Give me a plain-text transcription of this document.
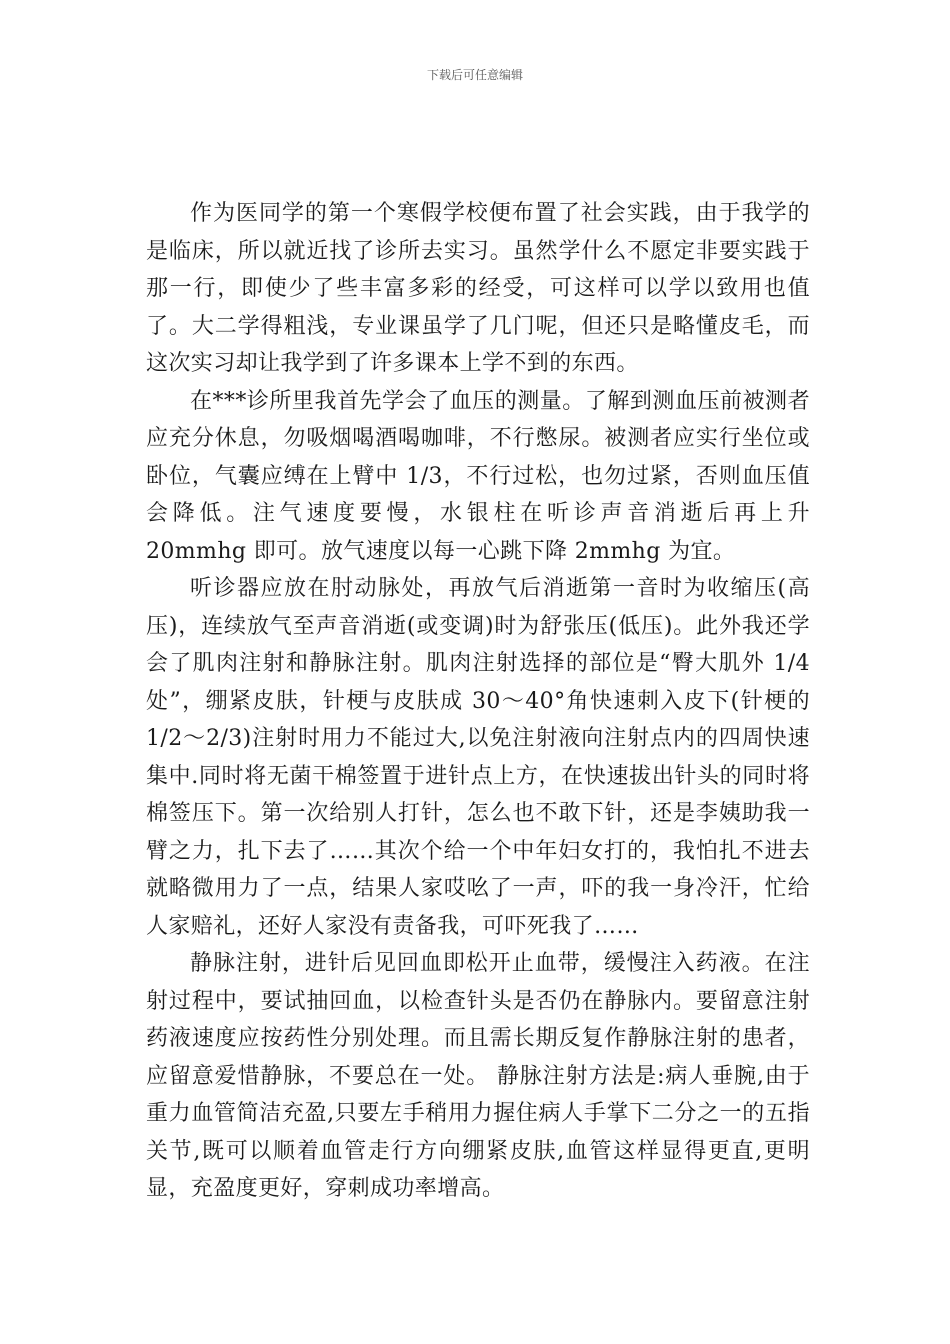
下载后可任意编辑

作为医同学的第一个寒假学校便布置了社会实践，由于我学的是临床，所以就近找了诊所去实习。虽然学什么不愿定非要实践于那一行，即使少了些丰富多彩的经受，可这样可以学以致用也值了。大二学得粗浅，专业课虽学了几门呢，但还只是略懂皮毛，而这次实习却让我学到了许多课本上学不到的东西。

在***诊所里我首先学会了血压的测量。了解到测血压前被测者应充分休息，勿吸烟喝酒喝咖啡，不行憋尿。被测者应实行坐位或卧位，气囊应缚在上臂中 1/3，不行过松，也勿过紧，否则血压值会降低。注气速度要慢，水银柱在听诊声音消逝后再上升 20mmhg 即可。放气速度以每一心跳下降 2mmhg 为宜。

听诊器应放在肘动脉处，再放气后消逝第一音时为收缩压(高压)，连续放气至声音消逝(或变调)时为舒张压(低压)。此外我还学会了肌肉注射和静脉注射。肌肉注射选择的部位是“臀大肌外 1/4 处”，绷紧皮肤，针梗与皮肤成 30～40°角快速刺入皮下(针梗的 1/2～2/3)注射时用力不能过大,以免注射液向注射点内的四周快速集中.同时将无菌干棉签置于进针点上方，在快速拔出针头的同时将棉签压下。第一次给别人打针，怎么也不敢下针，还是李姨助我一臂之力，扎下去了……其次个给一个中年妇女打的，我怕扎不进去就略微用力了一点，结果人家哎吆了一声，吓的我一身冷汗，忙给人家赔礼，还好人家没有责备我，可吓死我了……

静脉注射，进针后见回血即松开止血带，缓慢注入药液。在注射过程中，要试抽回血，以检查针头是否仍在静脉内。要留意注射药液速度应按药性分别处理。而且需长期反复作静脉注射的患者，应留意爱惜静脉，不要总在一处。 静脉注射方法是:病人垂腕,由于重力血管简洁充盈,只要左手稍用力握住病人手掌下二分之一的五指关节,既可以顺着血管走行方向绷紧皮肤,血管这样显得更直,更明显，充盈度更好，穿刺成功率增高。
